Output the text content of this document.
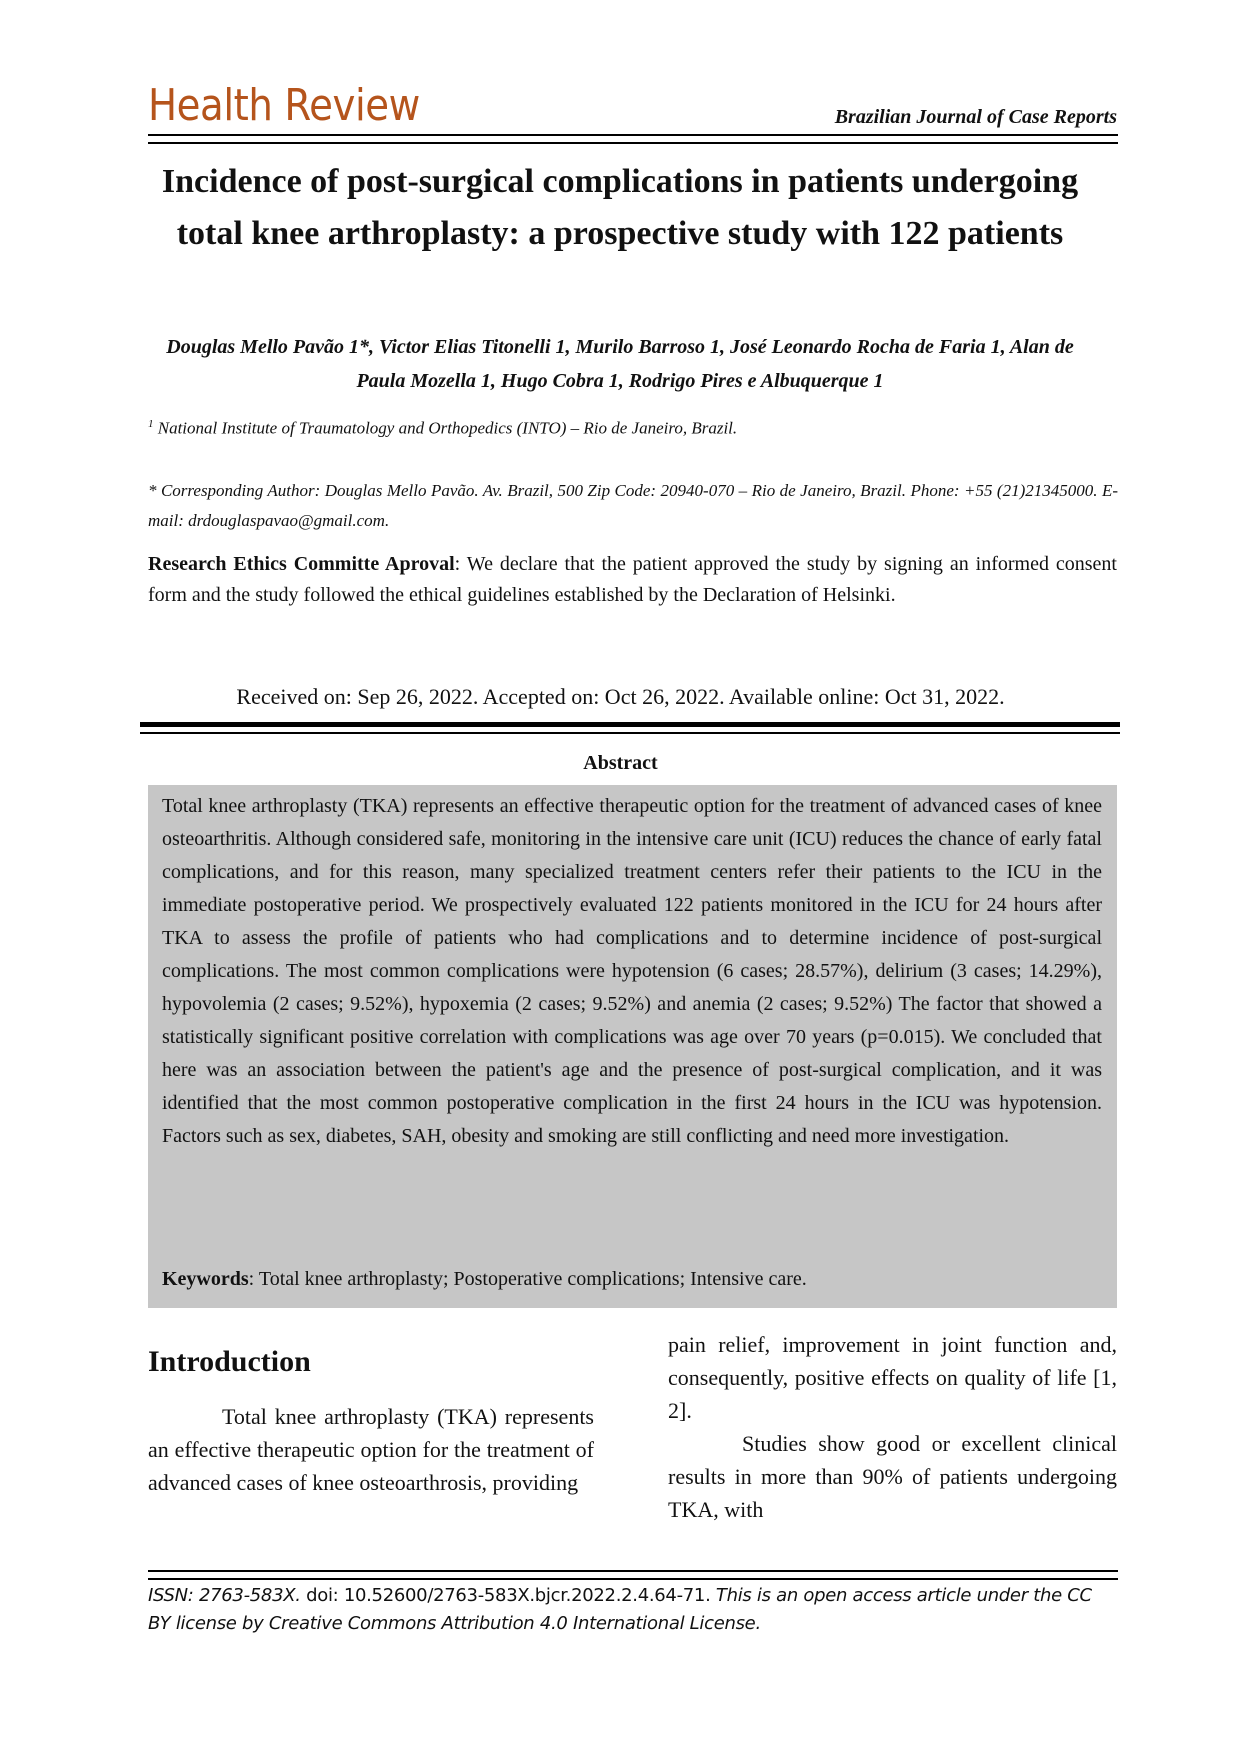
Health Review	Brazilian Journal of Case Reports
Incidence of post-surgical complications in patients undergoing total knee arthroplasty: a prospective study with 122 patients
Douglas Mello Pavão 1*, Victor Elias Titonelli 1, Murilo Barroso 1, José Leonardo Rocha de Faria 1, Alan de Paula Mozella 1, Hugo Cobra 1, Rodrigo Pires e Albuquerque 1
$^1$ National Institute of Traumatology and Orthopedics (INTO) – Rio de Janeiro, Brazil.
* Corresponding Author: Douglas Mello Pavão. Av. Brazil, 500 Zip Code: 20940-070 – Rio de Janeiro, Brazil. Phone: +55 (21)21345000. E-mail: drdouglaspavao@gmail.com.
Research Ethics Committe Aproval: We declare that the patient approved the study by signing an informed consent form and the study followed the ethical guidelines established by the Declaration of Helsinki.
Received on: Sep 26, 2022. Accepted on: Oct 26, 2022. Available online: Oct 31, 2022.
Abstract
Total knee arthroplasty (TKA) represents an effective therapeutic option for the treatment of advanced cases of knee osteoarthritis. Although considered safe, monitoring in the intensive care unit (ICU) reduces the chance of early fatal complications, and for this reason, many specialized treatment centers refer their patients to the ICU in the immediate postoperative period. We prospectively evaluated 122 patients monitored in the ICU for 24 hours after TKA to assess the profile of patients who had complications and to determine incidence of post-surgical complications. The most common complications were hypotension (6 cases; 28.57%), delirium (3 cases; 14.29%), hypovolemia (2 cases; 9.52%), hypoxemia (2 cases; 9.52%) and anemia (2 cases; 9.52%) The factor that showed a statistically significant positive correlation with complications was age over 70 years (p=0.015). We concluded that here was an association between the patient's age and the presence of post-surgical complication, and it was identified that the most common postoperative complication in the first 24 hours in the ICU was hypotension. Factors such as sex, diabetes, SAH, obesity and smoking are still conflicting and need more investigation.
Keywords: Total knee arthroplasty; Postoperative complications; Intensive care.
Introduction

Total knee arthroplasty (TKA) represents an effective therapeutic option for the treatment of advanced cases of knee osteoarthrosis, providing

pain relief, improvement in joint function and, consequently, positive effects on quality of life [1, 2].

Studies show good or excellent clinical results in more than 90% of patients undergoing TKA, with

ISSN: 2763-583X. doi: 10.52600/2763-583X.bjcr.2022.2.4.64-71. This is an open access article under the CC BY license by Creative Commons Attribution 4.0 International License.
